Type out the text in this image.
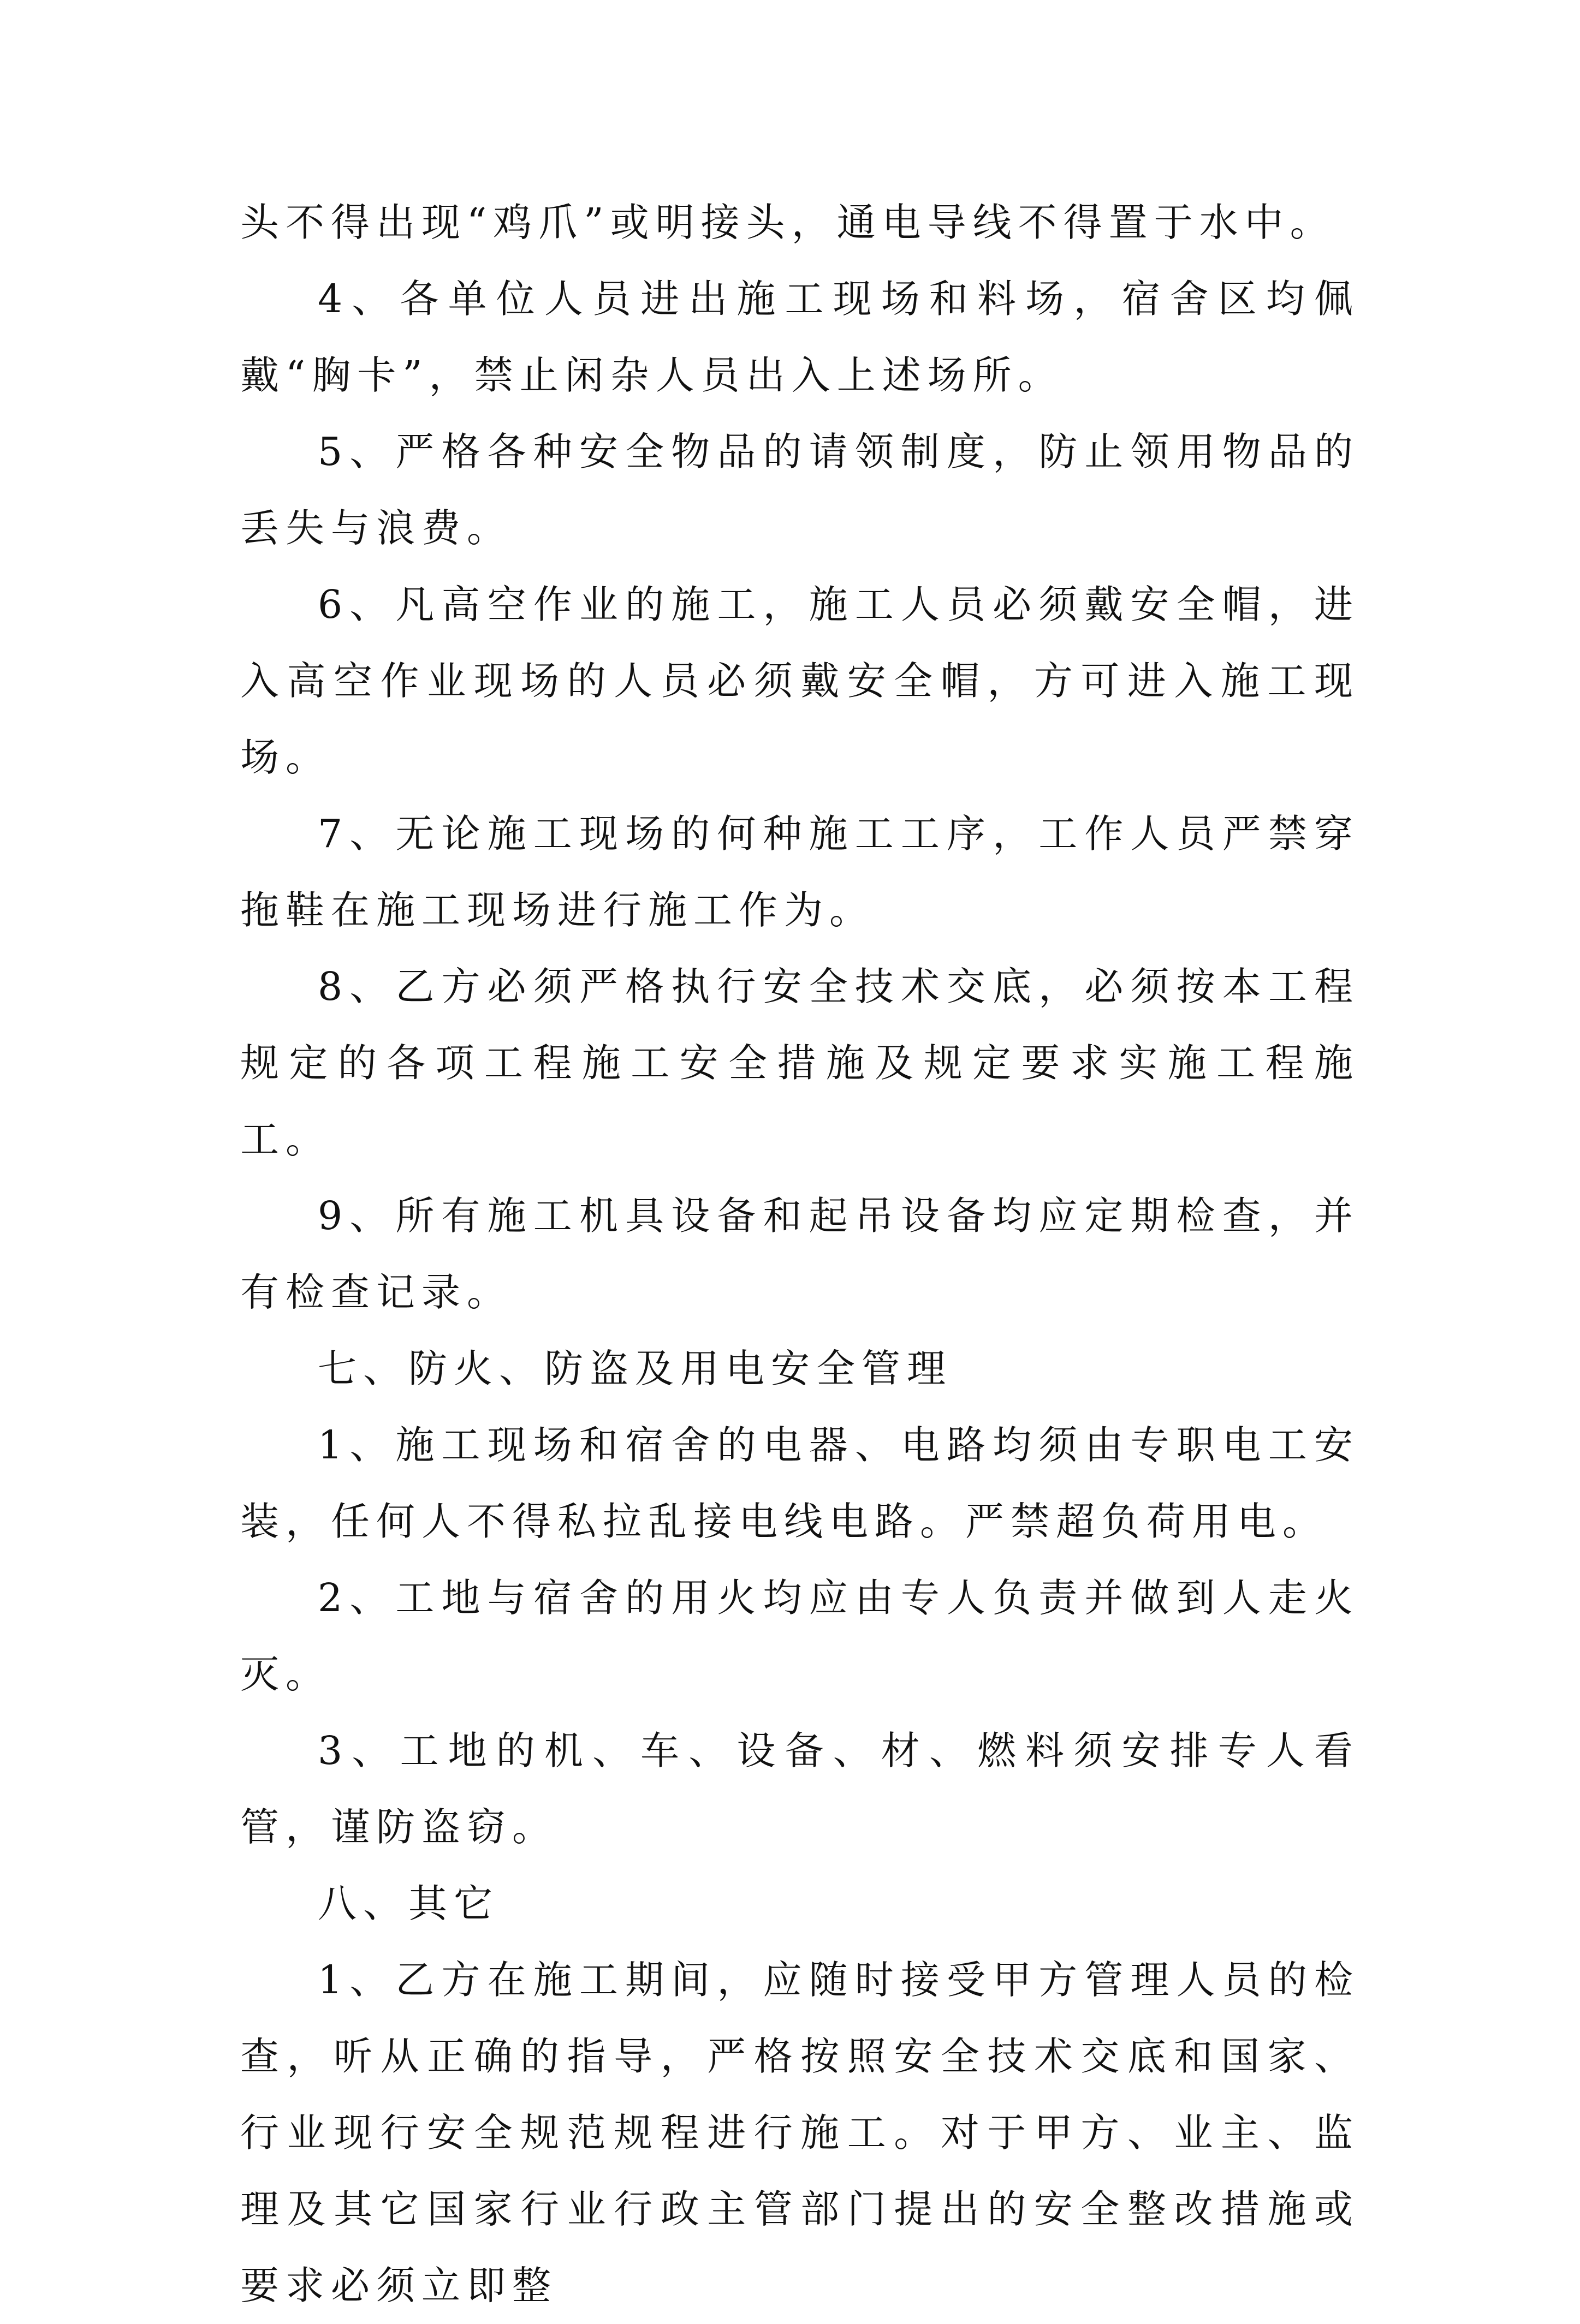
头不得出现“鸡爪”或明接头，通电导线不得置于水中。

4、各单位人员进出施工现场和料场，宿舍区均佩戴“胸卡”，禁止闲杂人员出入上述场所。

5、严格各种安全物品的请领制度，防止领用物品的丢失与浪费。

6、凡高空作业的施工，施工人员必须戴安全帽，进入高空作业现场的人员必须戴安全帽，方可进入施工现场。

7、无论施工现场的何种施工工序，工作人员严禁穿拖鞋在施工现场进行施工作为。

8、乙方必须严格执行安全技术交底，必须按本工程规定的各项工程施工安全措施及规定要求实施工程施工。

9、所有施工机具设备和起吊设备均应定期检查，并有检查记录。

七、防火、防盗及用电安全管理

1、施工现场和宿舍的电器、电路均须由专职电工安装，任何人不得私拉乱接电线电路。严禁超负荷用电。

2、工地与宿舍的用火均应由专人负责并做到人走火灭。

3、工地的机、车、设备、材、燃料须安排专人看管，谨防盗窃。

八、其它

1、乙方在施工期间，应随时接受甲方管理人员的检查，听从正确的指导，严格按照安全技术交底和国家、行业现行安全规范规程进行施工。对于甲方、业主、监理及其它国家行业行政主管部门提出的安全整改措施或要求必须立即整
